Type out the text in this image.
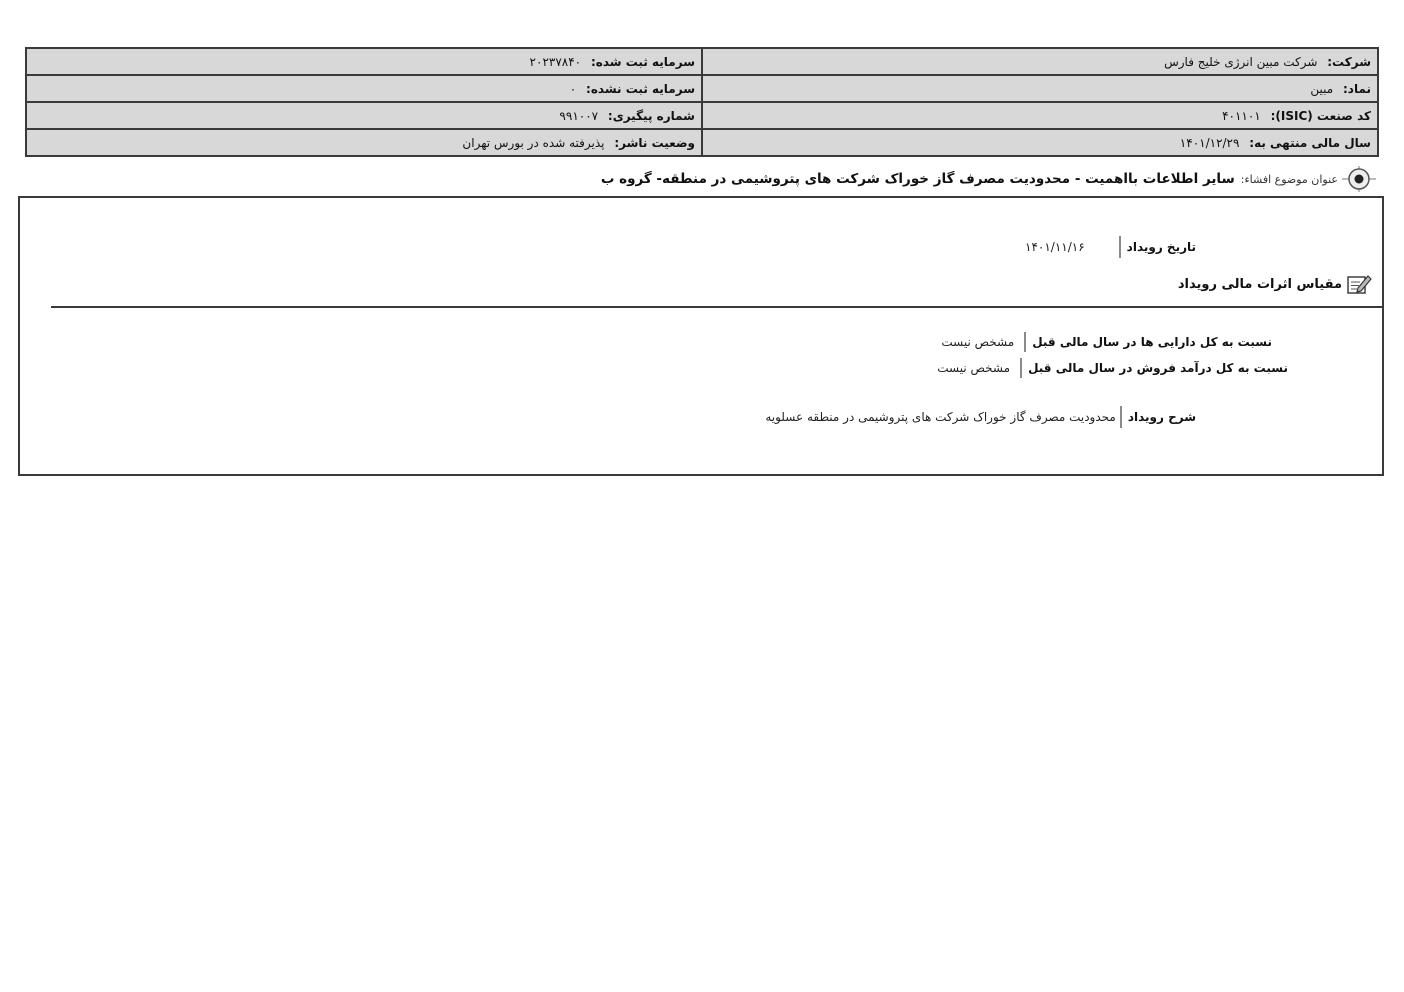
شرکت: شرکت مبین انرژی خلیج فارس	سرمایه ثبت شده: ۲۰۲۳۷۸۴۰
نماد: مبین	سرمایه ثبت نشده: ۰
کد صنعت (ISIC): ۴۰۱۱۰۱	شماره پیگیری: ۹۹۱۰۰۷
سال مالی منتهی به: ۱۴۰۱/۱۲/۲۹	وضعیت ناشر: پذیرفته شده در بورس تهران
عنوان موضوع افشاء:
سایر اطلاعات بااهمیت - محدودیت مصرف گاز خوراک شرکت های پتروشیمی در منطقه- گروه ب
تاریخ رویداد
۱۴۰۱/۱۱/۱۶
مقیاس اثرات مالی رویداد
نسبت به کل دارایی ها در سال مالی قبل
مشخص نیست
نسبت به کل درآمد فروش در سال مالی قبل
مشخص نیست
شرح رویداد
محدودیت مصرف گاز خوراک شرکت های پتروشیمی در منطقه عسلویه
